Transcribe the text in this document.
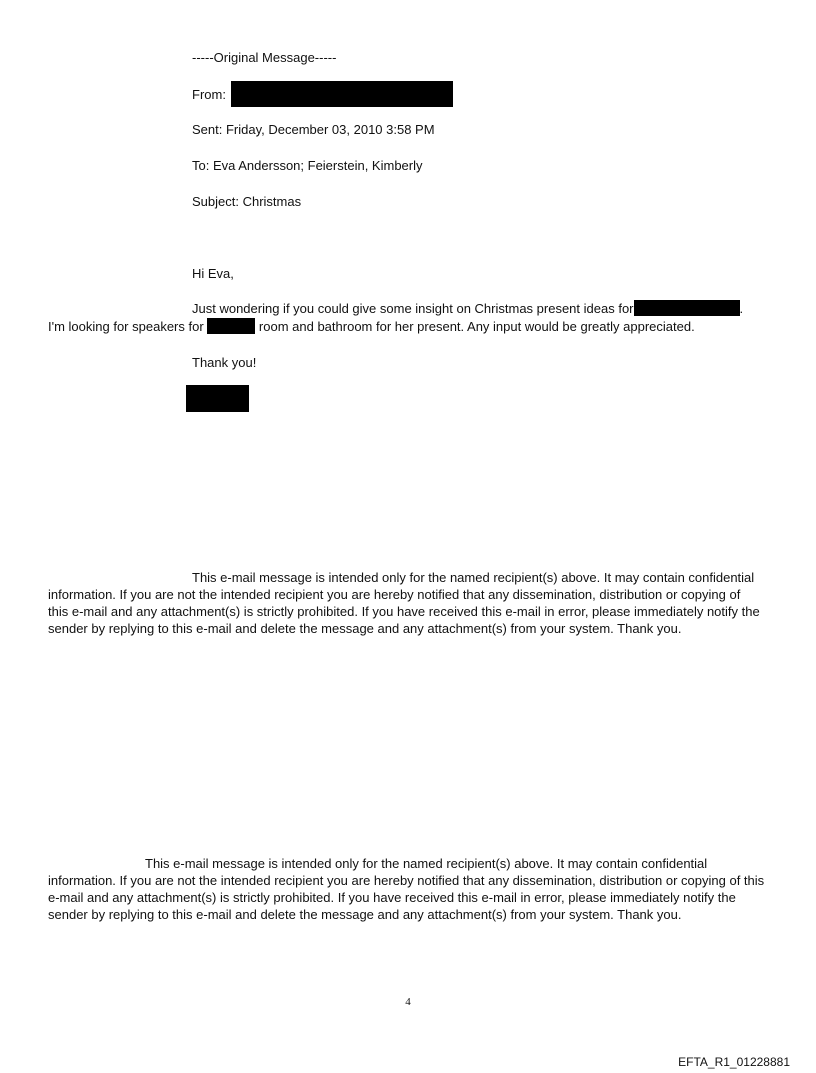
-----Original Message-----
From:
Sent: Friday, December 03, 2010 3:58 PM
To: Eva Andersson; Feierstein, Kimberly
Subject: Christmas
Hi Eva,
Just wondering if you could give some insight on Christmas present ideas for	.
I'm looking for speakers for	room and bathroom for her present. Any input would be greatly appreciated.
Thank you!
This e-mail message is intended only for the named recipient(s) above. It may contain confidential information. If you are not the intended recipient you are hereby notified that any dissemination, distribution or copying of this e-mail and any attachment(s) is strictly prohibited. If you have received this e-mail in error, please immediately notify the sender by replying to this e-mail and delete the message and any attachment(s) from your system. Thank you.
This e-mail message is intended only for the named recipient(s) above. It may contain confidential information. If you are not the intended recipient you are hereby notified that any dissemination, distribution or copying of this e-mail and any attachment(s) is strictly prohibited. If you have received this e-mail in error, please immediately notify the sender by replying to this e-mail and delete the message and any attachment(s) from your system. Thank you.
4
EFTA_R1_01228881
